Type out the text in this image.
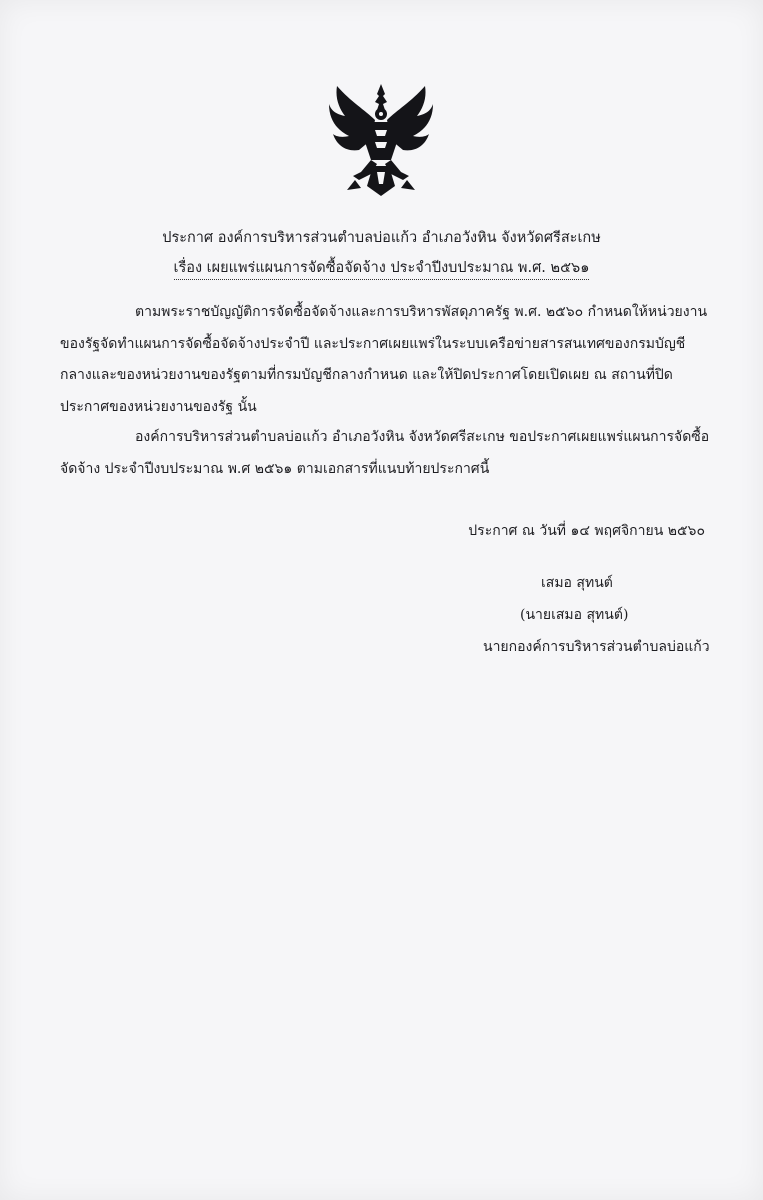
ประกาศ องค์การบริหารส่วนตำบลบ่อแก้ว อำเภอวังหิน จังหวัดศรีสะเกษ
เรื่อง เผยแพร่แผนการจัดซื้อจัดจ้าง ประจำปีงบประมาณ พ.ศ. ๒๕๖๑
ตามพระราชบัญญัติการจัดซื้อจัดจ้างและการบริหารพัสดุภาครัฐ พ.ศ. ๒๕๖๐ กำหนดให้หน่วยงานของรัฐจัดทำแผนการจัดซื้อจัดจ้างประจำปี และประกาศเผยแพร่ในระบบเครือข่ายสารสนเทศของกรมบัญชีกลางและของหน่วยงานของรัฐตามที่กรมบัญชีกลางกำหนด และให้ปิดประกาศโดยเปิดเผย ณ สถานที่ปิดประกาศของหน่วยงานของรัฐ นั้น
องค์การบริหารส่วนตำบลบ่อแก้ว อำเภอวังหิน จังหวัดศรีสะเกษ ขอประกาศเผยแพร่แผนการจัดซื้อจัดจ้าง ประจำปีงบประมาณ พ.ศ ๒๕๖๑ ตามเอกสารที่แนบท้ายประกาศนี้
ประกาศ ณ วันที่ ๑๔ พฤศจิกายน ๒๕๖๐
เสมอ สุทนต์
(นายเสมอ สุทนต์)
นายกองค์การบริหารส่วนตำบลบ่อแก้ว
